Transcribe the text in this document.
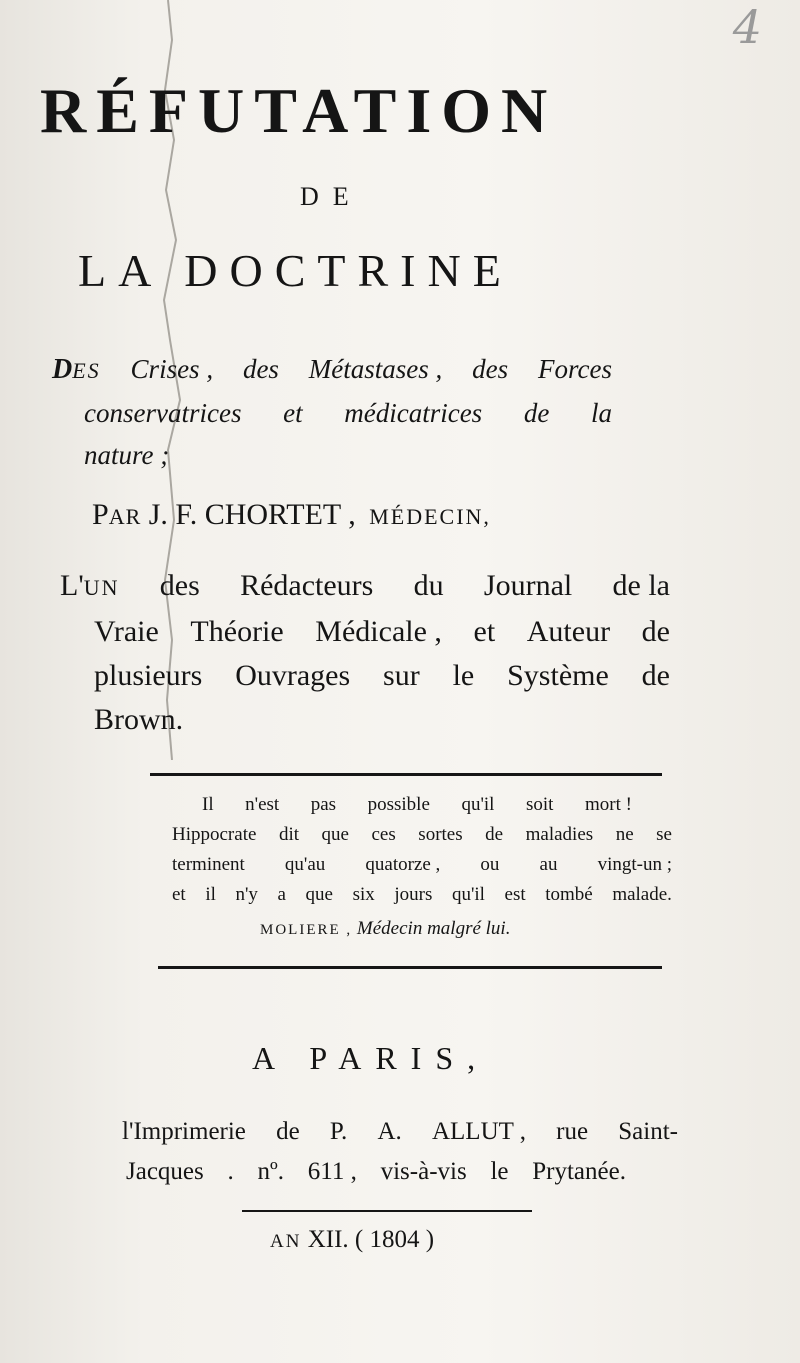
4
RÉFUTATION
DE
LA DOCTRINE
DES Crises , des Métastases , des Forces
conservatrices et médicatrices de la
nature ;
PAR J. F. CHORTET , MÉDECIN,
L'UN des Rédacteurs du Journal de la
Vraie Théorie Médicale , et Auteur de
plusieurs Ouvrages sur le Système de
Brown.
Il n'est pas possible qu'il soit mort !
Hippocrate dit que ces sortes de maladies ne se
terminent qu'au quatorze , ou au vingt-un ;
et il n'y a que six jours qu'il est tombé malade.
MOLIERE , Médecin malgré lui.
A PARIS,
l'Imprimerie de P. A. ALLUT , rue Saint-
Jacques . nº. 611 , vis-à-vis le Prytanée.
AN XII. ( 1804 )
